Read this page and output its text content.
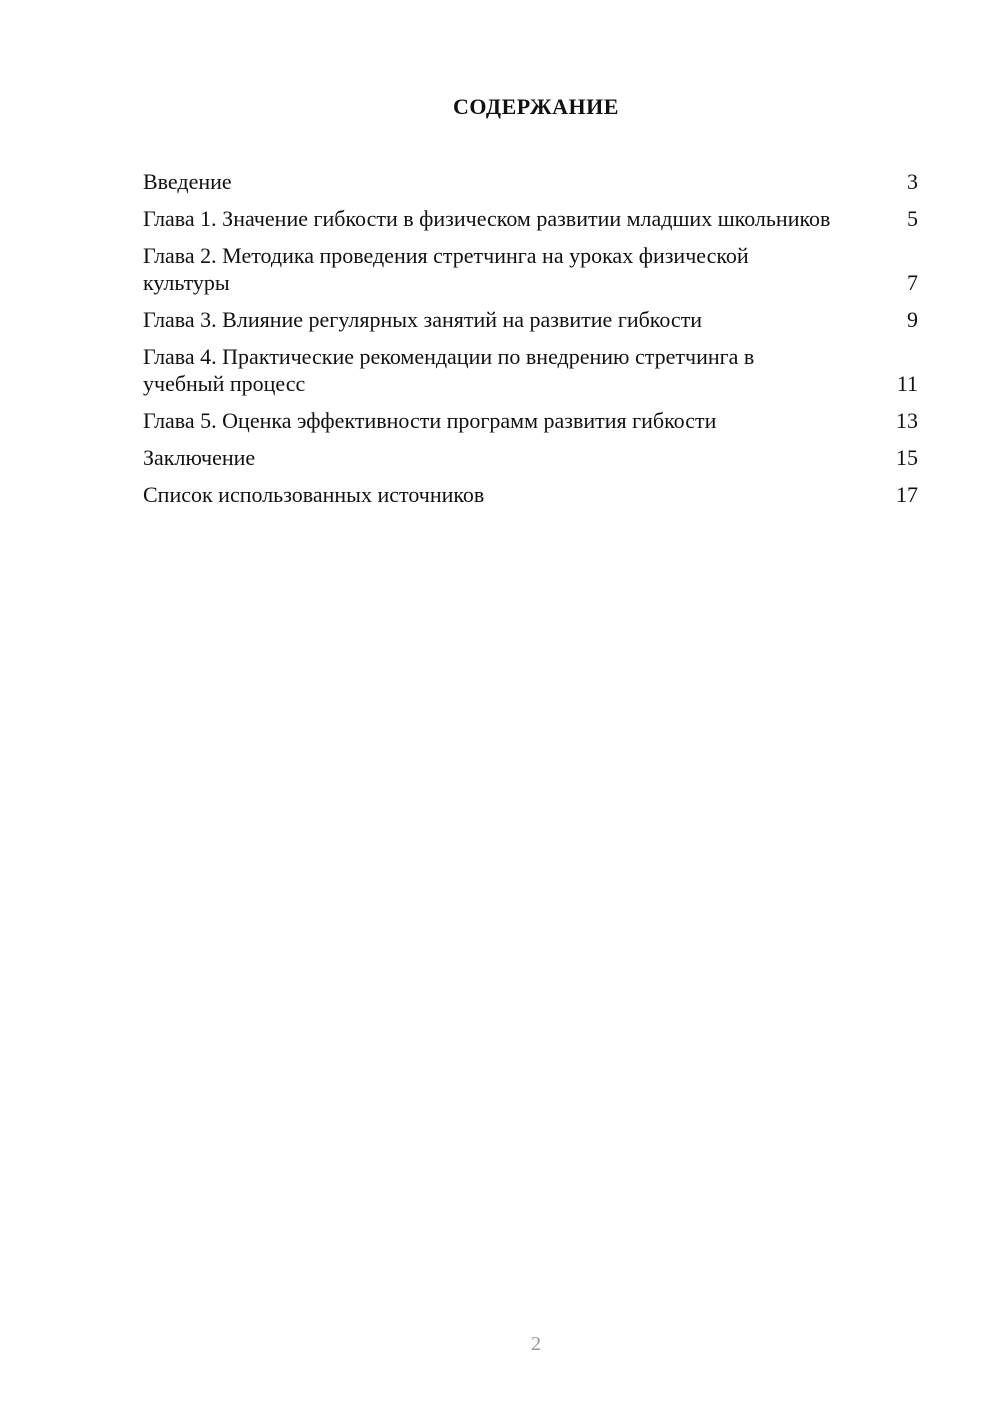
СОДЕРЖАНИЕ
Введение	3
Глава 1. Значение гибкости в физическом развитии младших школьников	5
Глава 2. Методика проведения стретчинга на уроках физической культуры	7
Глава 3. Влияние регулярных занятий на развитие гибкости	9
Глава 4. Практические рекомендации по внедрению стретчинга в учебный процесс	11
Глава 5. Оценка эффективности программ развития гибкости	13
Заключение	15
Список использованных источников	17
2
